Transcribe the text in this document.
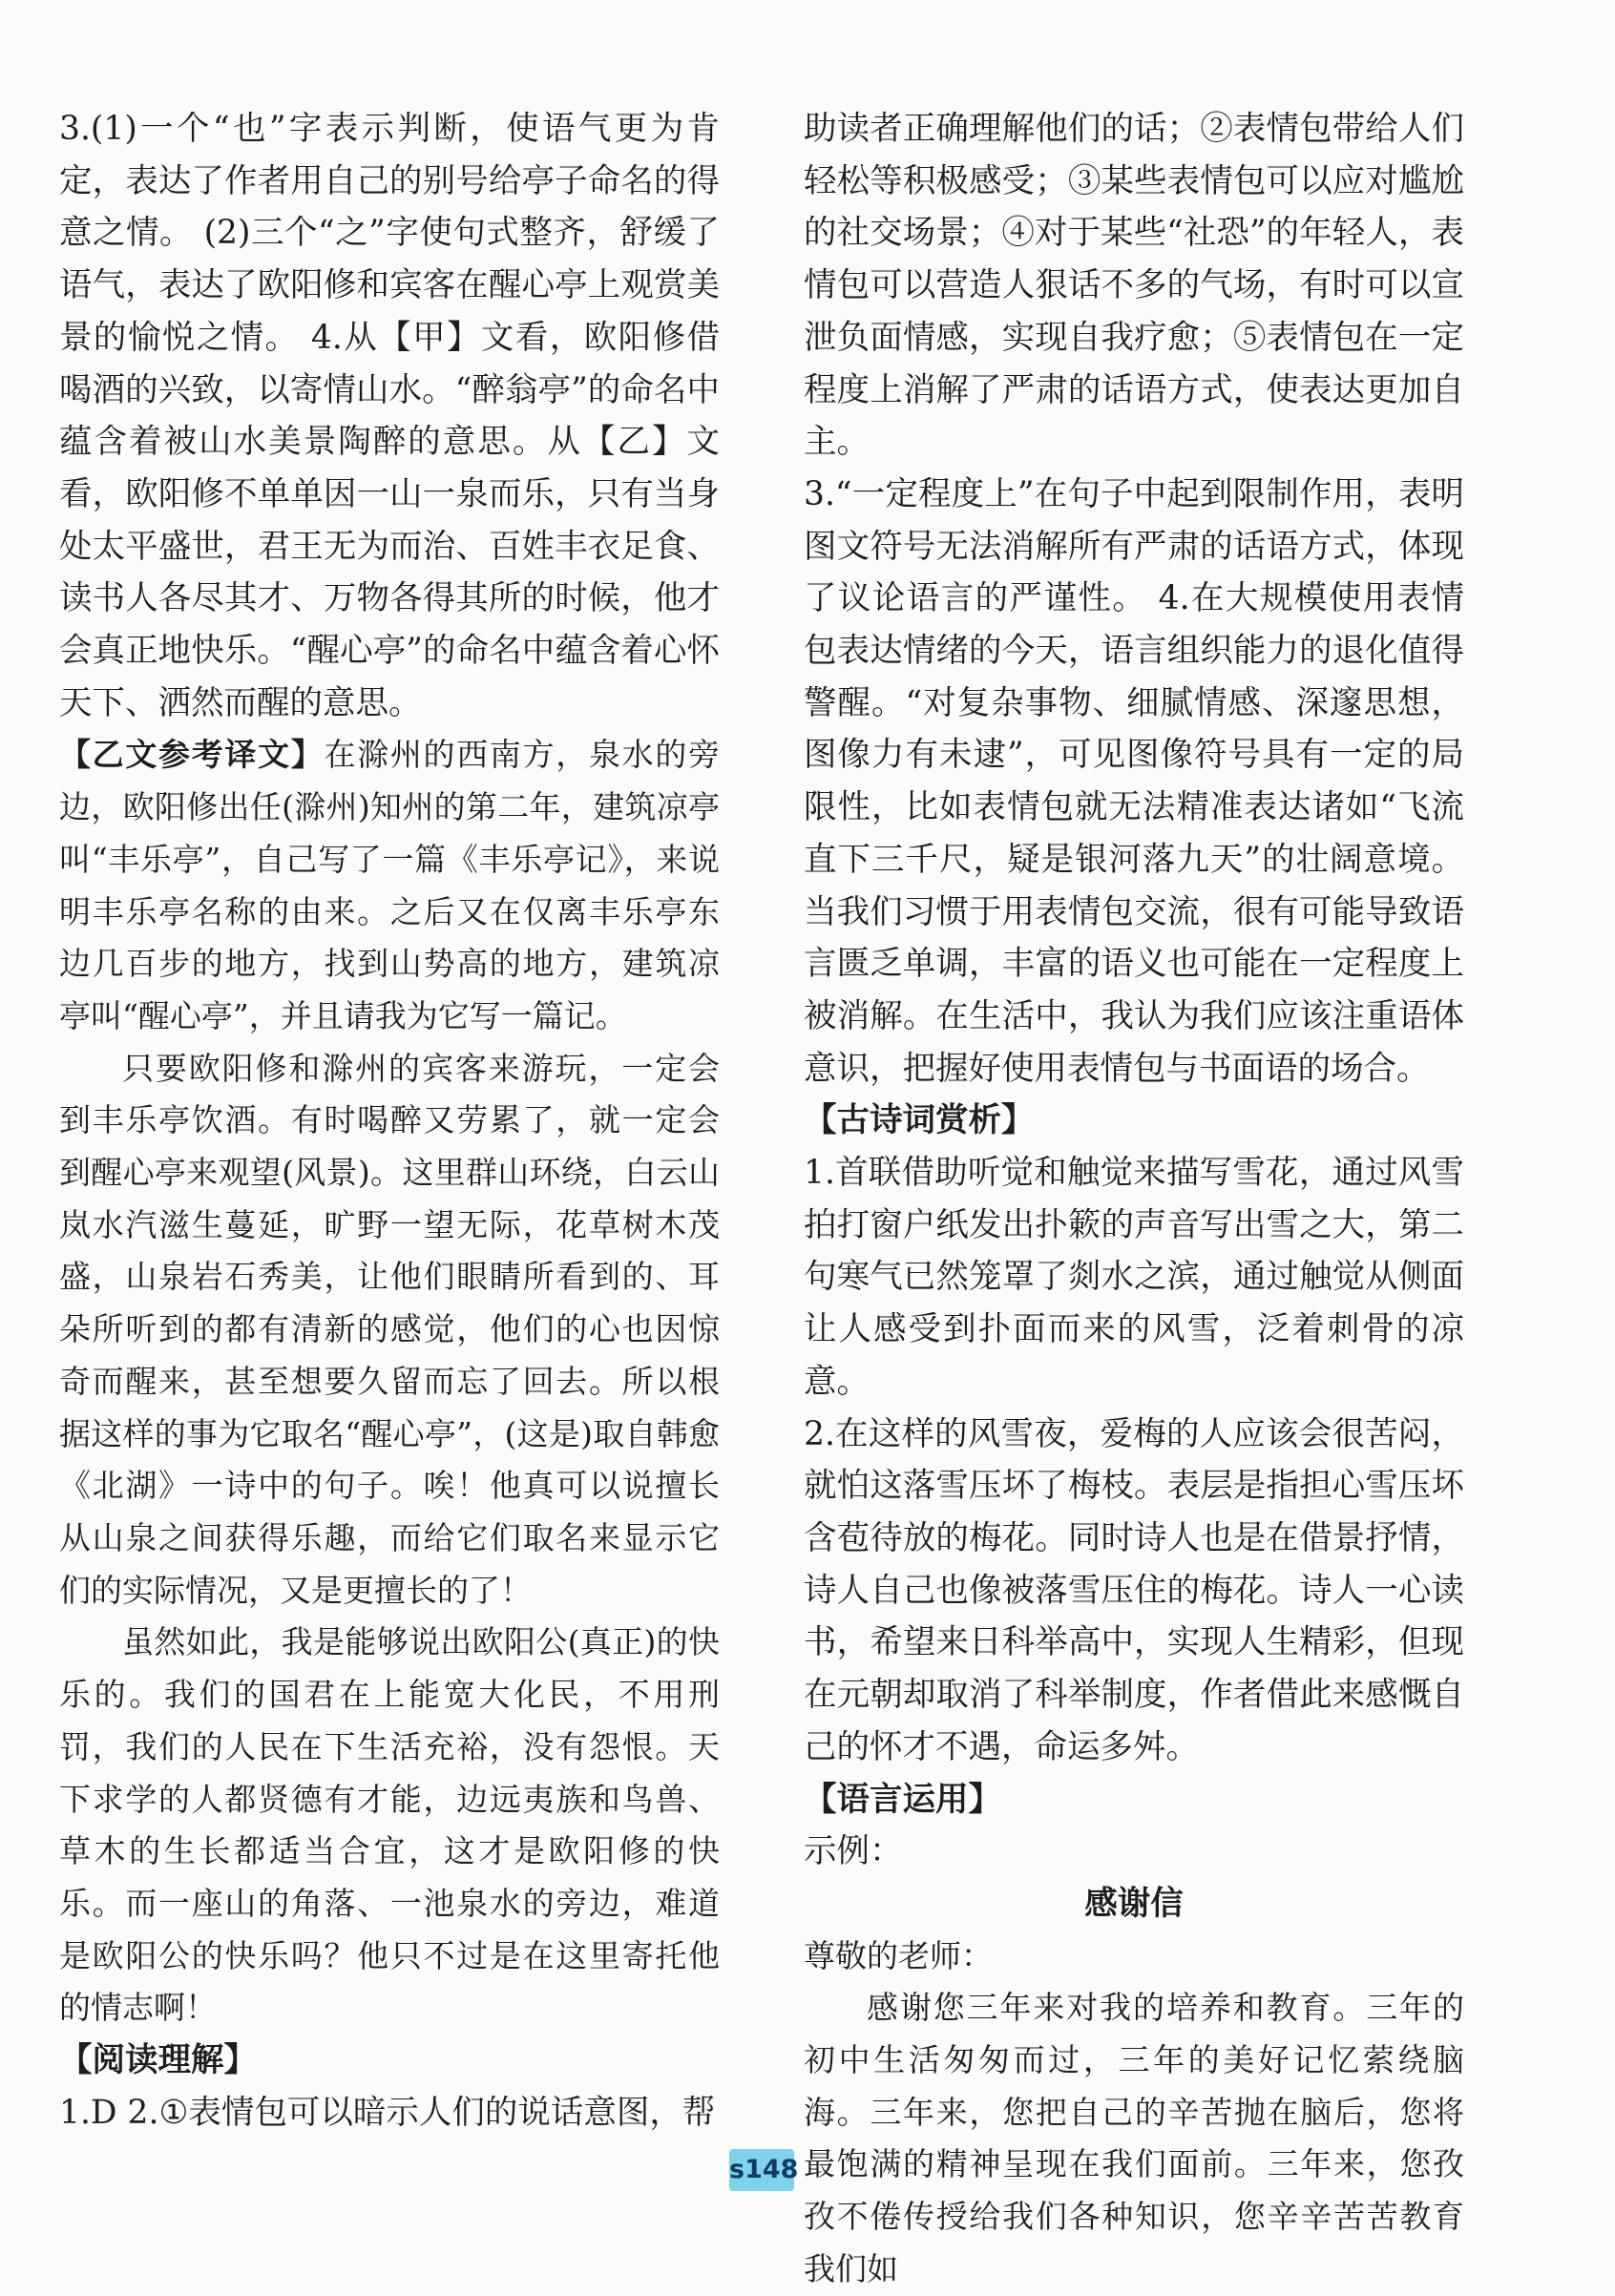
3.(1)一个“也”字表示判断，使语气更为肯定，表达了作者用自己的别号给亭子命名的得意之情。 (2)三个“之”字使句式整齐，舒缓了语气，表达了欧阳修和宾客在醒心亭上观赏美景的愉悦之情。 4.从【甲】文看，欧阳修借喝酒的兴致，以寄情山水。“醉翁亭”的命名中蕴含着被山水美景陶醉的意思。从【乙】文看，欧阳修不单单因一山一泉而乐，只有当身处太平盛世，君王无为而治、百姓丰衣足食、读书人各尽其才、万物各得其所的时候，他才会真正地快乐。“醒心亭”的命名中蕴含着心怀天下、洒然而醒的意思。

【乙文参考译文】在滁州的西南方，泉水的旁边，欧阳修出任(滁州)知州的第二年，建筑凉亭叫“丰乐亭”，自己写了一篇《丰乐亭记》，来说明丰乐亭名称的由来。之后又在仅离丰乐亭东边几百步的地方，找到山势高的地方，建筑凉亭叫“醒心亭”，并且请我为它写一篇记。

只要欧阳修和滁州的宾客来游玩，一定会到丰乐亭饮酒。有时喝醉又劳累了，就一定会到醒心亭来观望(风景)。这里群山环绕，白云山岚水汽滋生蔓延，旷野一望无际，花草树木茂盛，山泉岩石秀美，让他们眼睛所看到的、耳朵所听到的都有清新的感觉，他们的心也因惊奇而醒来，甚至想要久留而忘了回去。所以根据这样的事为它取名“醒心亭”，(这是)取自韩愈《北湖》一诗中的句子。唉！他真可以说擅长从山泉之间获得乐趣，而给它们取名来显示它们的实际情况，又是更擅长的了！

虽然如此，我是能够说出欧阳公(真正)的快乐的。我们的国君在上能宽大化民，不用刑罚，我们的人民在下生活充裕，没有怨恨。天下求学的人都贤德有才能，边远夷族和鸟兽、草木的生长都适当合宜，这才是欧阳修的快乐。而一座山的角落、一池泉水的旁边，难道是欧阳公的快乐吗？他只不过是在这里寄托他的情志啊！

【阅读理解】

1.D 2.①表情包可以暗示人们的说话意图，帮

助读者正确理解他们的话；②表情包带给人们轻松等积极感受；③某些表情包可以应对尴尬的社交场景；④对于某些“社恐”的年轻人，表情包可以营造人狠话不多的气场，有时可以宣泄负面情感，实现自我疗愈；⑤表情包在一定程度上消解了严肃的话语方式，使表达更加自主。

3.“一定程度上”在句子中起到限制作用，表明图文符号无法消解所有严肃的话语方式，体现了议论语言的严谨性。 4.在大规模使用表情包表达情绪的今天，语言组织能力的退化值得警醒。“对复杂事物、细腻情感、深邃思想，图像力有未逮”，可见图像符号具有一定的局限性，比如表情包就无法精准表达诸如“飞流直下三千尺，疑是银河落九天”的壮阔意境。当我们习惯于用表情包交流，很有可能导致语言匮乏单调，丰富的语义也可能在一定程度上被消解。在生活中，我认为我们应该注重语体意识，把握好使用表情包与书面语的场合。

【古诗词赏析】

1.首联借助听觉和触觉来描写雪花，通过风雪拍打窗户纸发出扑簌的声音写出雪之大，第二句寒气已然笼罩了剡水之滨，通过触觉从侧面让人感受到扑面而来的风雪，泛着刺骨的凉意。

2.在这样的风雪夜，爱梅的人应该会很苦闷，就怕这落雪压坏了梅枝。表层是指担心雪压坏含苞待放的梅花。同时诗人也是在借景抒情，诗人自己也像被落雪压住的梅花。诗人一心读书，希望来日科举高中，实现人生精彩，但现在元朝却取消了科举制度，作者借此来感慨自己的怀才不遇，命运多舛。

【语言运用】

示例：

感谢信

尊敬的老师：

感谢您三年来对我的培养和教育。三年的初中生活匆匆而过，三年的美好记忆萦绕脑海。三年来，您把自己的辛苦抛在脑后，您将最饱满的精神呈现在我们面前。三年来，您孜孜不倦传授给我们各种知识，您辛辛苦苦教育我们如

s148
